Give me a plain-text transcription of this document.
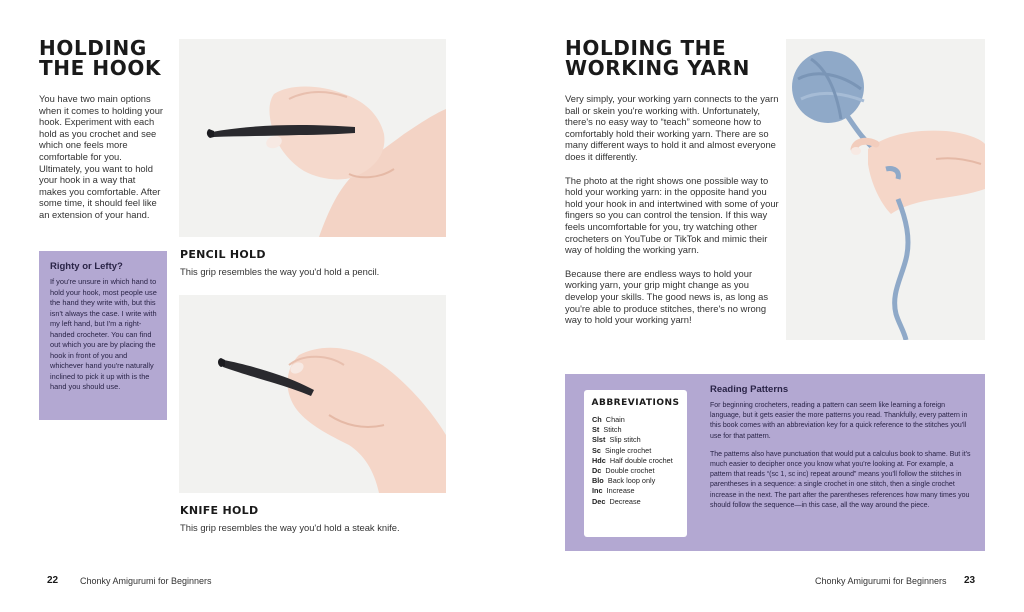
HOLDING

THE HOOK

You have two main options when it comes to holding your hook. Experiment with each hold as you crochet and see which one feels more comfortable for you. Ultimately, you want to hold your hook in a way that makes you comfortable. After some time, it should feel like an extension of your hand.

Righty or Lefty?

If you're unsure in which hand to hold your hook, most people use the hand they write with, but this isn't always the case. I write with my left hand, but I'm a right-handed crocheter. You can find out which you are by placing the hook in front of you and whichever hand you're naturally inclined to pick it up with is the hand you should use.

PENCIL HOLD

This grip resembles the way you'd hold a pencil.

KNIFE HOLD

This grip resembles the way you'd hold a steak knife.

22 Chonky Amigurumi for Beginners

HOLDING THE

WORKING YARN

Very simply, your working yarn connects to the yarn ball or skein you're working with. Unfortunately, there's no easy way to “teach” someone how to comfortably hold their working yarn. There are so many different ways to hold it and almost everyone does it differently.

The photo at the right shows one possible way to hold your working yarn: in the opposite hand you hold your hook in and intertwined with some of your fingers so you can control the tension. If this way feels uncomfortable for you, try watching other crocheters on YouTube or TikTok and mimic their way of holding the working yarn.

Because there are endless ways to hold your working yarn, your grip might change as you develop your skills. The good news is, as long as you're able to produce stitches, there's no wrong way to hold your working yarn!

ABBREVIATIONS

Ch Chain
St Stitch
Slst Slip stitch
Sc Single crochet
Hdc Half double crochet
Dc Double crochet
Blo Back loop only
Inc Increase
Dec Decrease

Reading Patterns

For beginning crocheters, reading a pattern can seem like learning a foreign language, but it gets easier the more patterns you read. Thankfully, every pattern in this book comes with an abbreviation key for a quick reference to the stitches you'll use for that pattern.

The patterns also have punctuation that would put a calculus book to shame. But it's much easier to decipher once you know what you're looking at. For example, a pattern that reads “(sc 1, sc inc) repeat around” means you'll follow the stitches in parentheses in a sequence: a single crochet in one stitch, then a single crochet increase in the next. The part after the parentheses references how many times you should follow the sequence—in this case, all the way around the piece.

Chonky Amigurumi for Beginners 23
